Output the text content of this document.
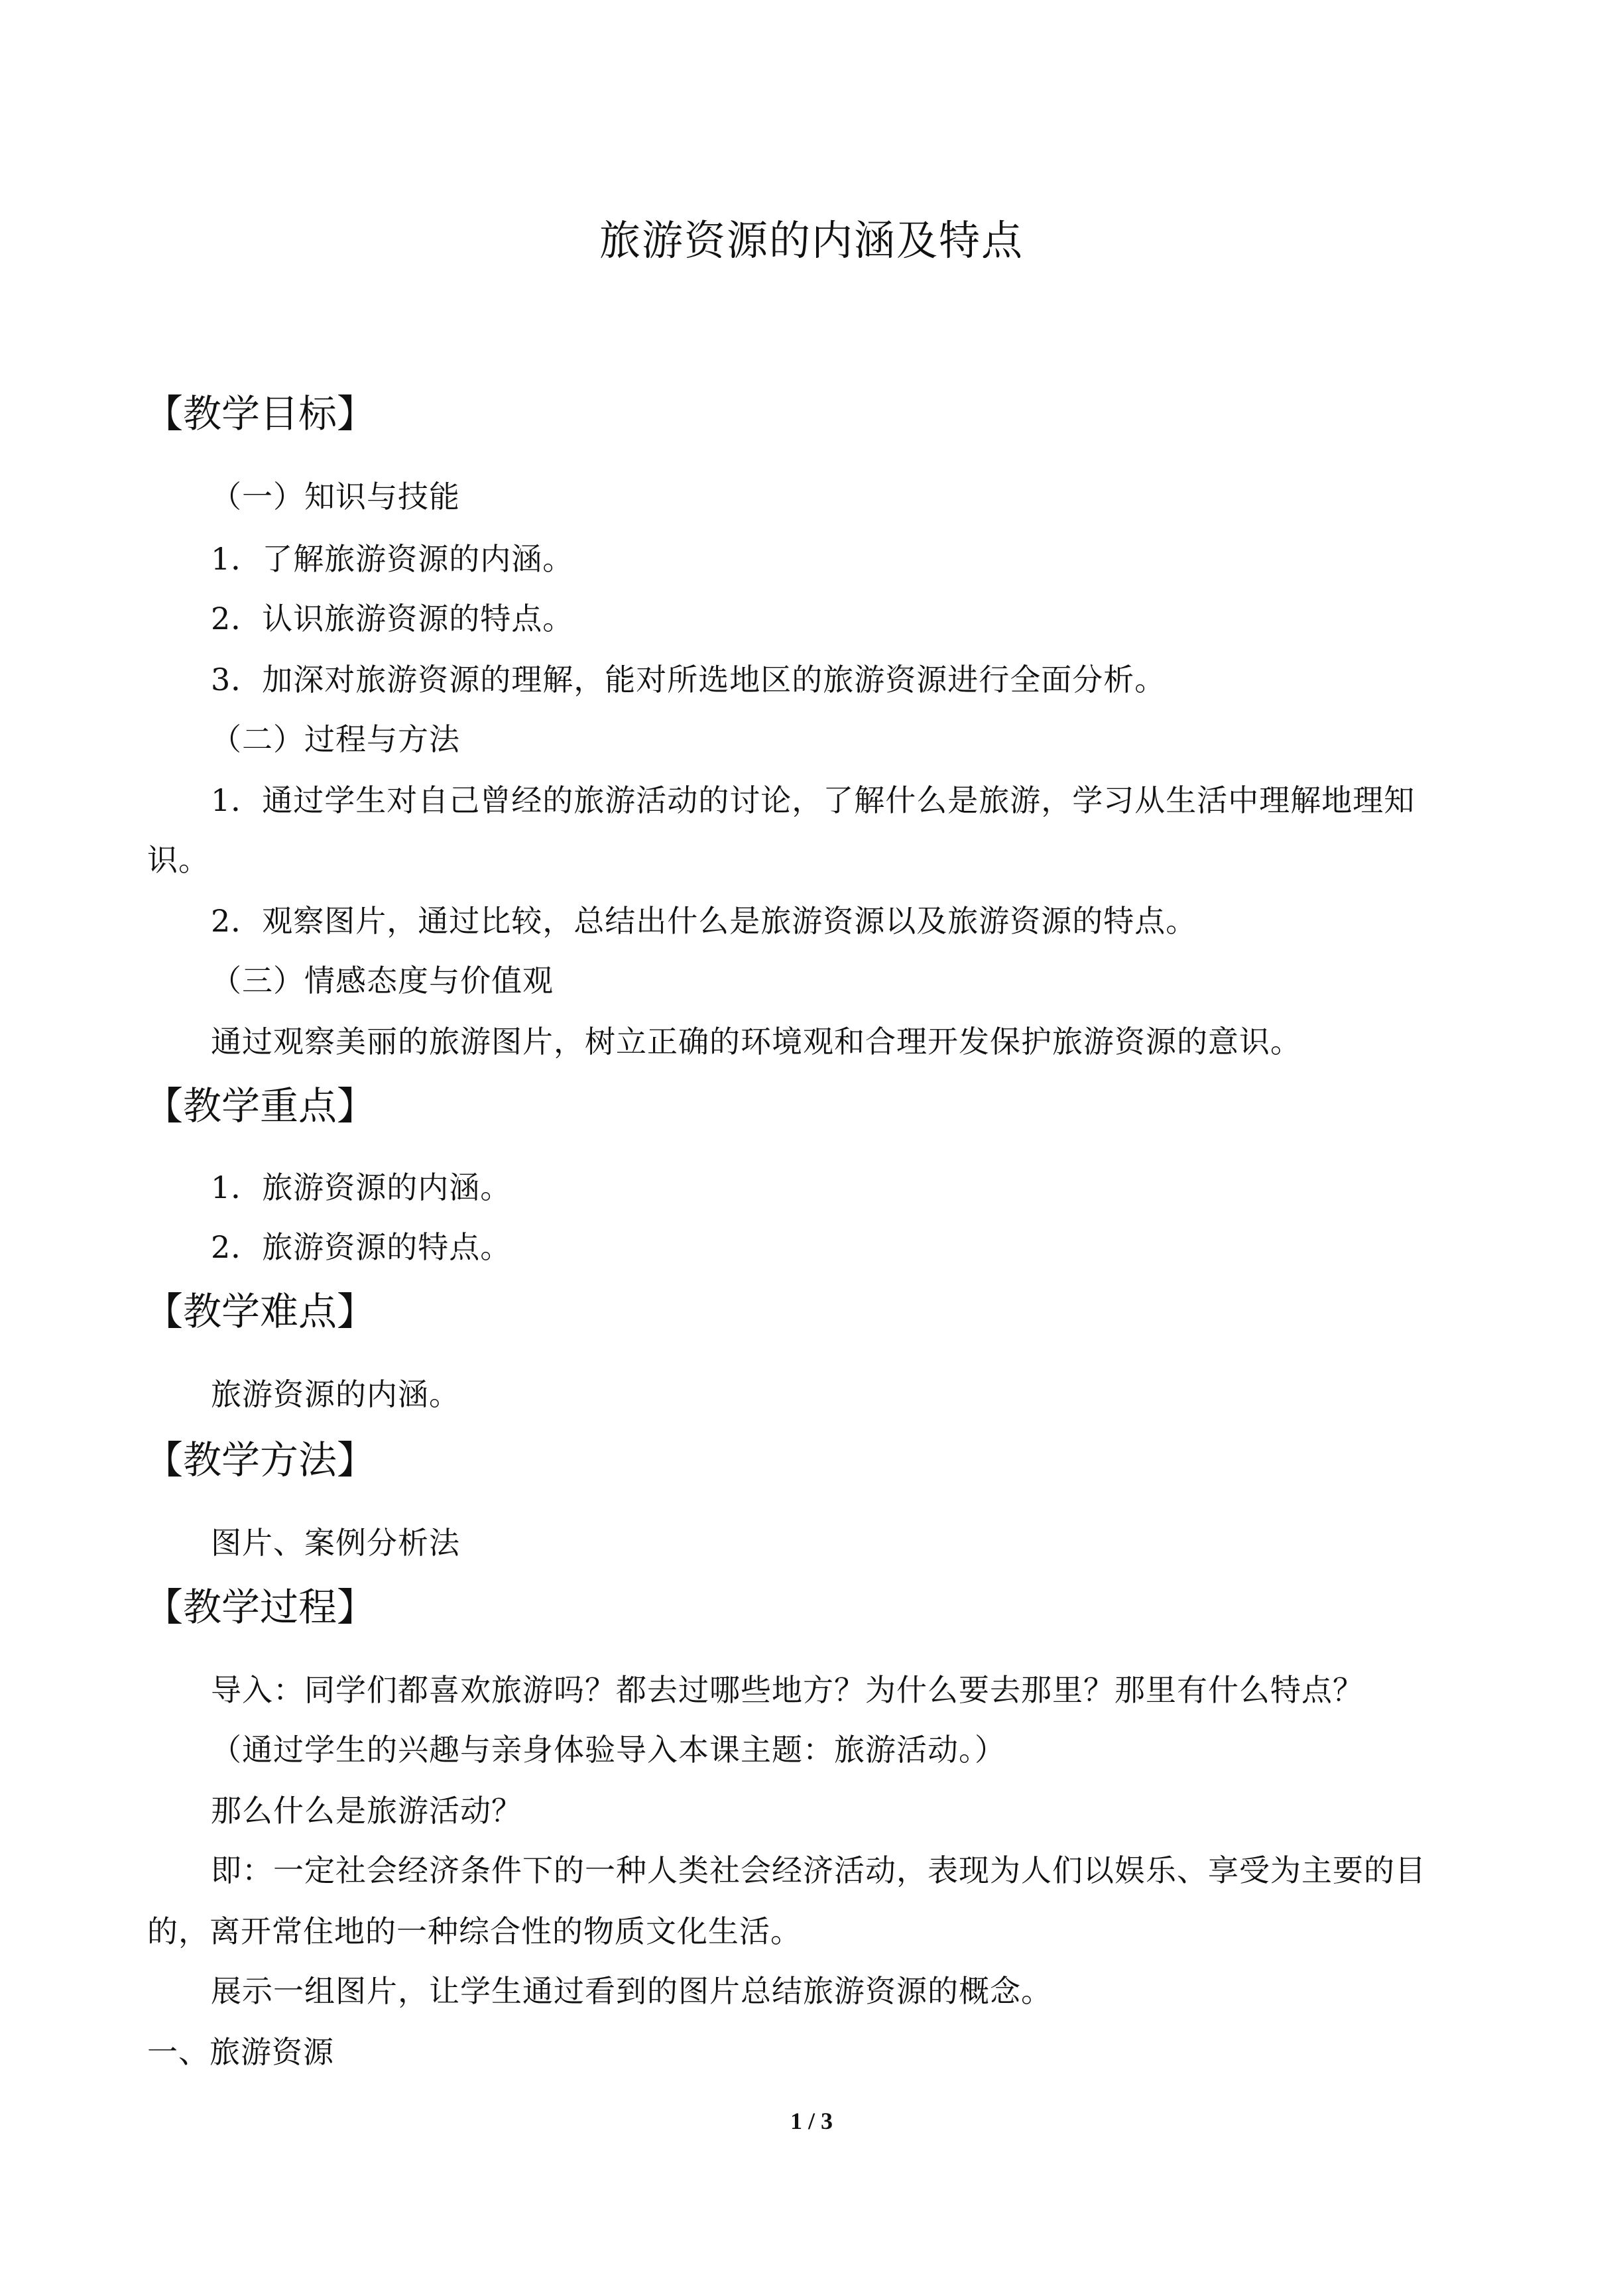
旅游资源的内涵及特点
【教学目标】
（一）知识与技能
1．了解旅游资源的内涵。
2．认识旅游资源的特点。
3．加深对旅游资源的理解，能对所选地区的旅游资源进行全面分析。
（二）过程与方法
1．通过学生对自己曾经的旅游活动的讨论，了解什么是旅游，学习从生活中理解地理知
识。
2．观察图片，通过比较，总结出什么是旅游资源以及旅游资源的特点。
（三）情感态度与价值观
通过观察美丽的旅游图片，树立正确的环境观和合理开发保护旅游资源的意识。
【教学重点】
1．旅游资源的内涵。
2．旅游资源的特点。
【教学难点】
旅游资源的内涵。
【教学方法】
图片、案例分析法
【教学过程】
导入：同学们都喜欢旅游吗？都去过哪些地方？为什么要去那里？那里有什么特点？
（通过学生的兴趣与亲身体验导入本课主题：旅游活动。）
那么什么是旅游活动？
即：一定社会经济条件下的一种人类社会经济活动，表现为人们以娱乐、享受为主要的目
的，离开常住地的一种综合性的物质文化生活。
展示一组图片，让学生通过看到的图片总结旅游资源的概念。
一、旅游资源
1 / 3
